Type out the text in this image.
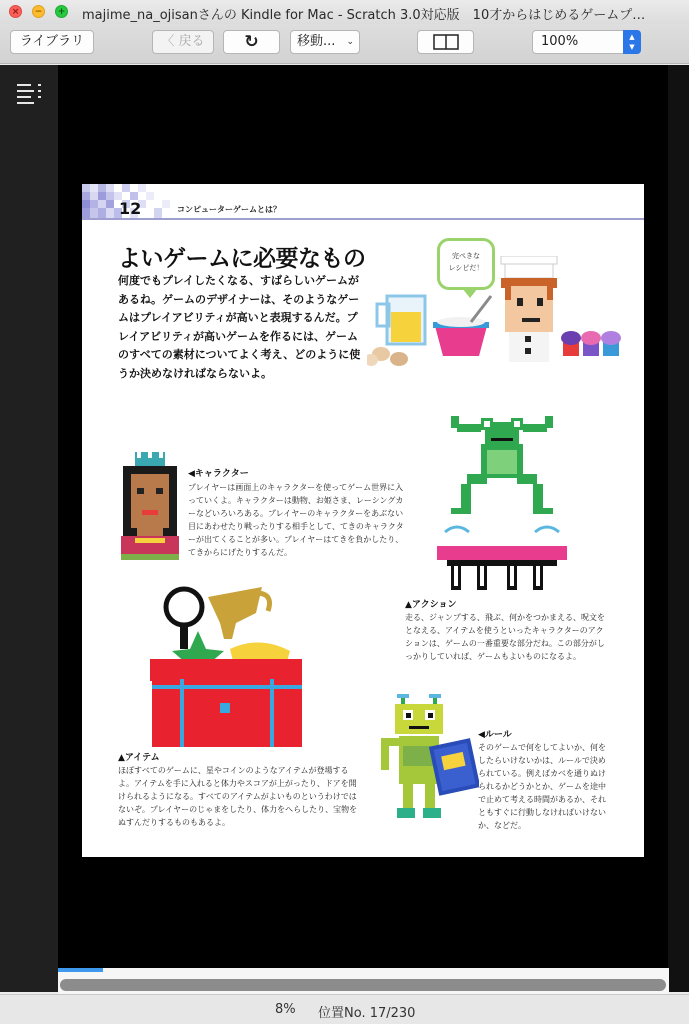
×	−	+ majime_na_ojisanさんの Kindle for Mac - Scratch 3.0対応版　10才からはじめるゲームプ…
ライブラリ	〈 戻る	↻	移動... ⌄	100%	▲
▼
12	コンピューターゲームとは？
よいゲームに必要なもの
何度でもプレイしたくなる、すばらしいゲームがあるね。ゲームのデザイナーは、そのようなゲームはプレイアビリティが高いと表現するんだ。プレイアビリティが高いゲームを作るには、ゲームのすべての素材についてよく考え、どのように使うか決めなければならないよ。
完ぺきな
レシピだ！
◀キャラクター
プレイヤーは画面上のキャラクターを使ってゲーム世界に入っていくよ。キャラクターは動物、お姫さま、レーシングカーなどいろいろある。プレイヤーのキャラクターをあぶない目にあわせたり戦ったりする相手として、てきのキャラクターが出てくることが多い。プレイヤーはてきを負かしたり、てきからにげたりするんだ。
▲アクション
走る、ジャンプする、飛ぶ、何かをつかまえる、呪文をとなえる、アイテムを使うといったキャラクターのアクションは、ゲームの一番重要な部分だね。この部分がしっかりしていれば、ゲームもよいものになるよ。
▲アイテム
ほぼすべてのゲームに、星やコインのようなアイテムが登場するよ。アイテムを手に入れると体力やスコアが上がったり、ドアを開けられるようになる。すべてのアイテムがよいものというわけではないぞ。プレイヤーのじゃまをしたり、体力をへらしたり、宝物をぬすんだりするものもあるよ。
◀ルール
そのゲームで何をしてよいか、何をしたらいけないかは、ルールで決められている。例えばカベを通りぬけられるかどうかとか、ゲームを途中で止めて考える時間があるか、それともすぐに行動しなければいけないか、などだ。
8% 位置No. 17/230
